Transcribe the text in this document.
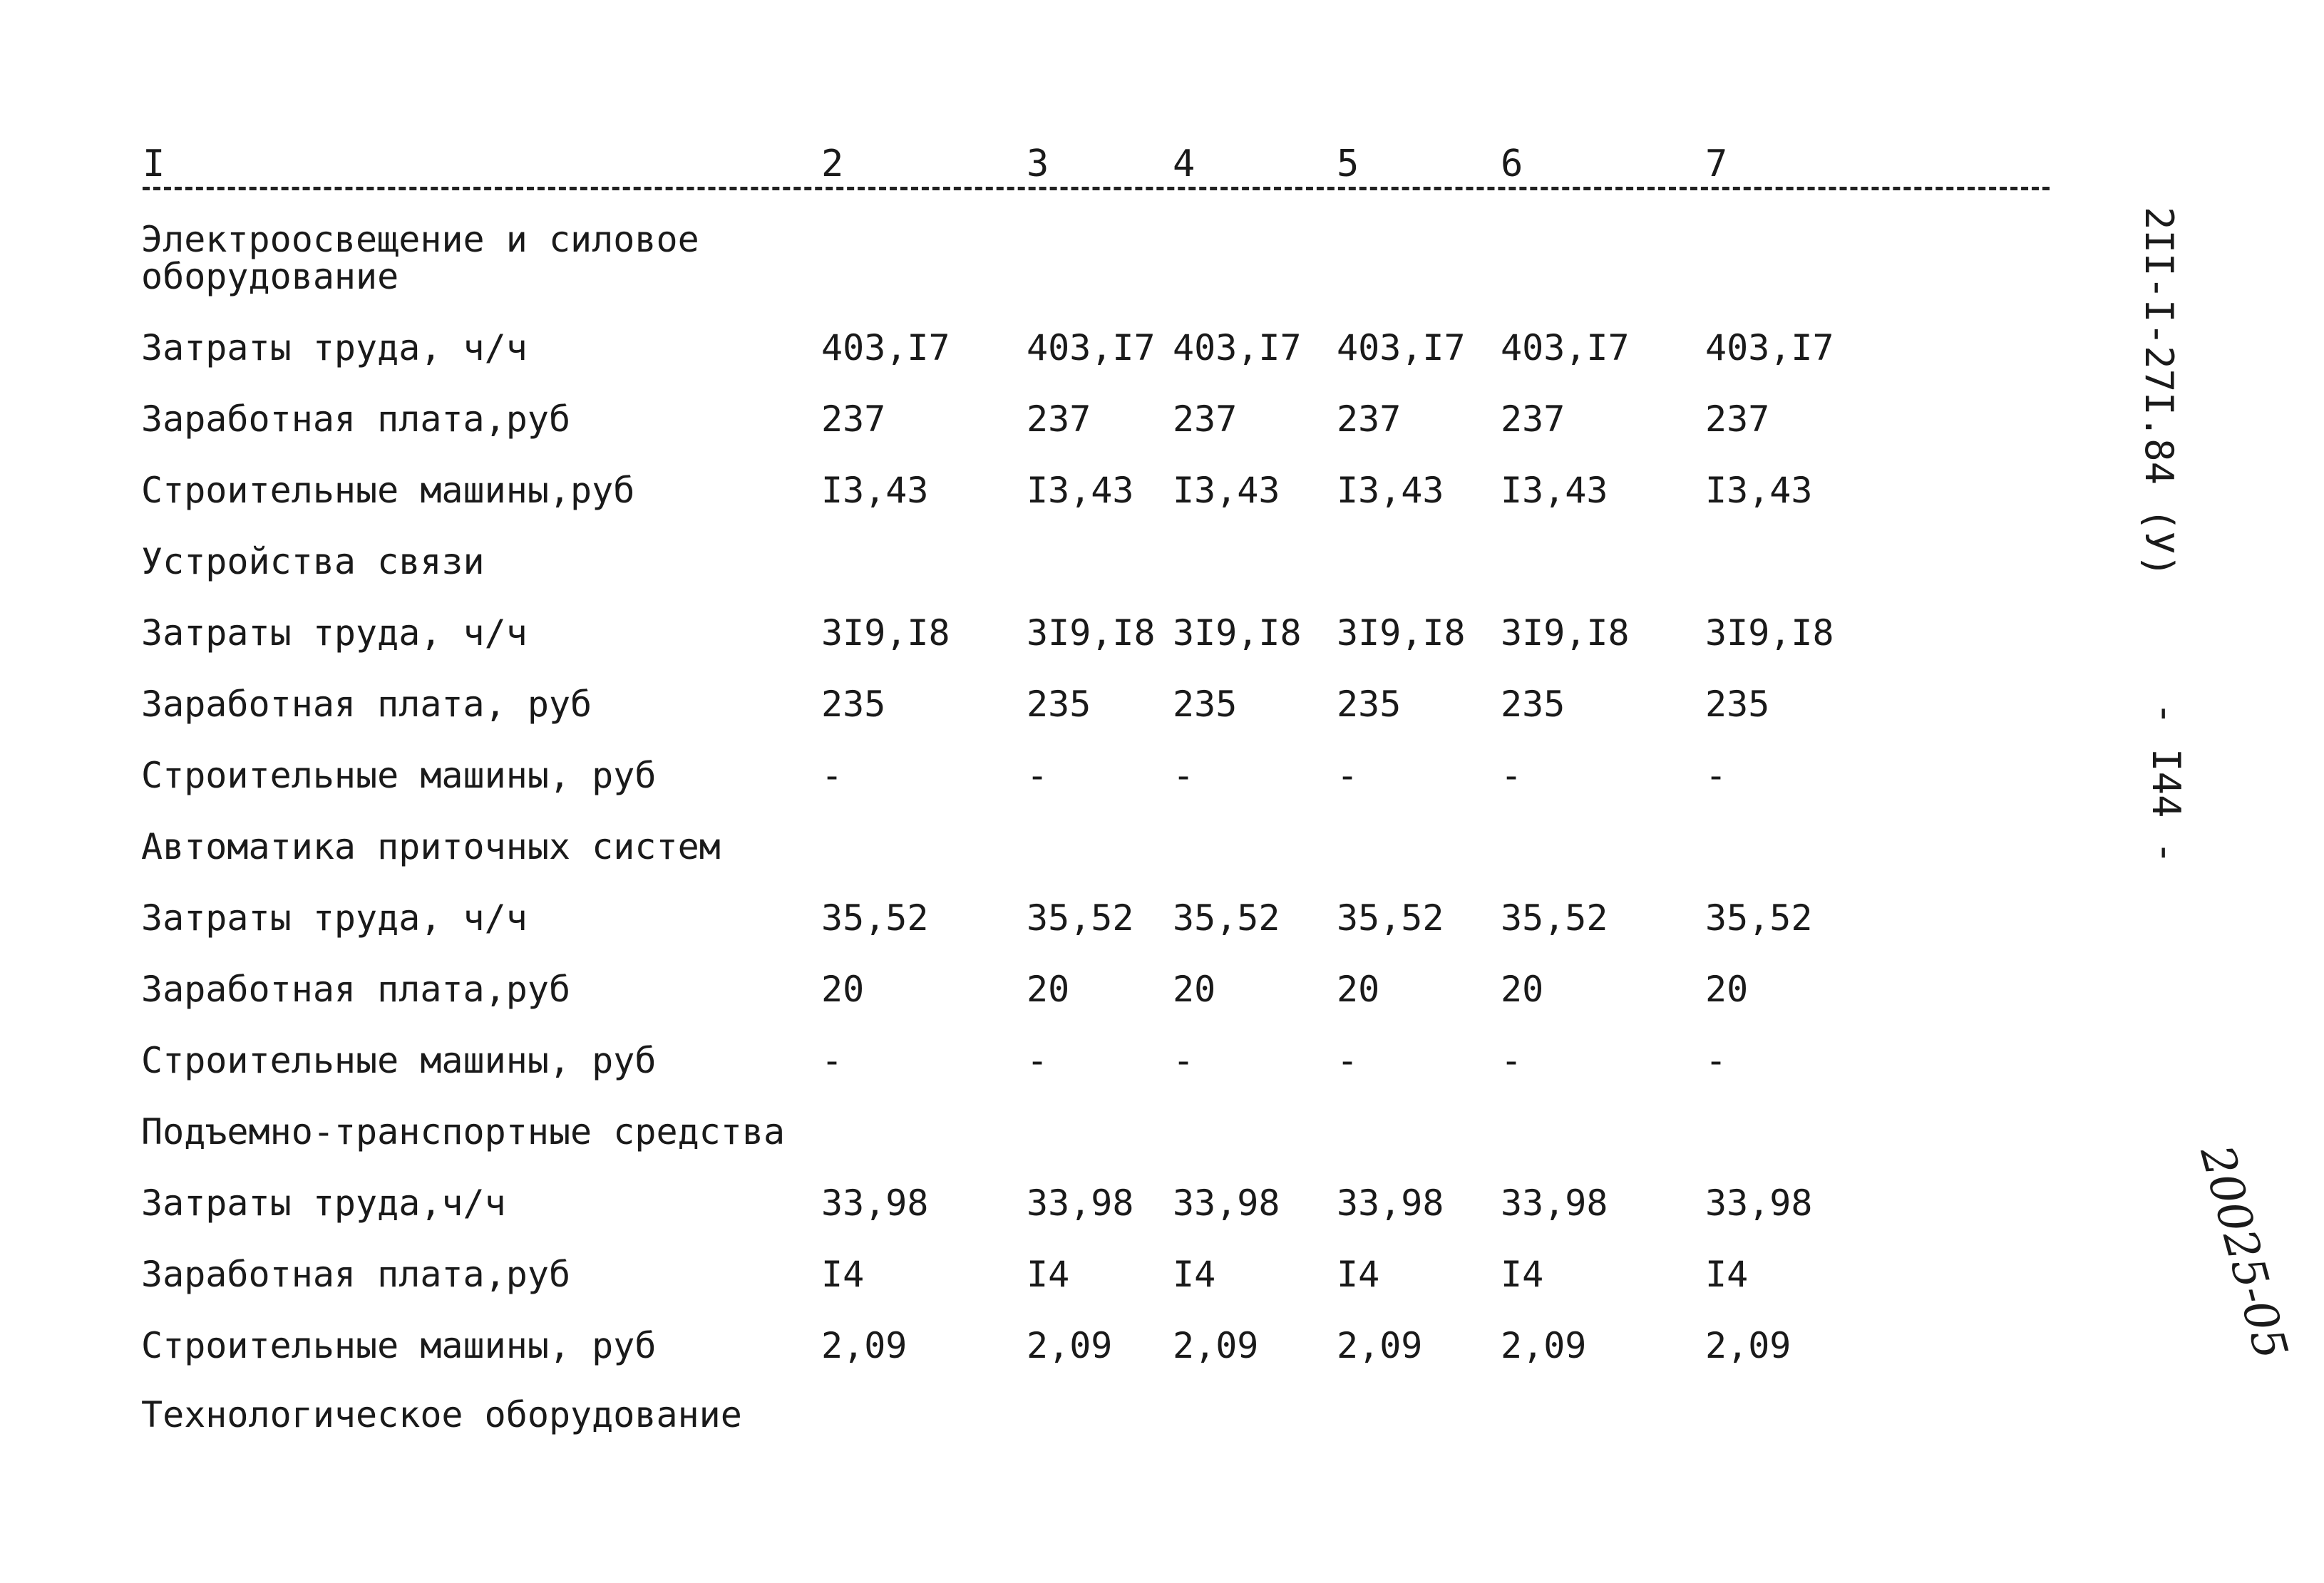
I	2	3	4	5	6	7
Электроосвещение и силовое оборудование
Затраты труда, ч/ч	403,I7 403,I7 403,I7 403,I7 403,I7 403,I7
Заработная плата,руб	237	237 237	237	237	237
Строительные машины,руб	I3,43	I3,43 I3,43 I3,43 I3,43	I3,43
Устройства связи
Затраты труда, ч/ч	3I9,I8 3I9,I8 3I9,I8 3I9,I8 3I9,I8 3I9,I8
Заработная плата, руб	235	235 235	235	235	235
Строительные машины, руб	-	-	-	-	-	-
Автоматика приточных систем
Затраты труда, ч/ч	35,52	35,52 35,52 35,52 35,52	35,52
Заработная плата,руб	20	20	20	20	20	20
Строительные машины, руб	-	-	-	-	-	-
Подъемно-транспортные средства
Затраты труда,ч/ч	33,98	33,98 33,98 33,98 33,98	33,98
Заработная плата,руб	I4	I4	I4	I4	I4	I4
Строительные машины, руб	2,09	2,09 2,09 2,09 2,09	2,09
Технологическое оборудование
2II-I-27I.84 (У)
- I44 -
20025-05
